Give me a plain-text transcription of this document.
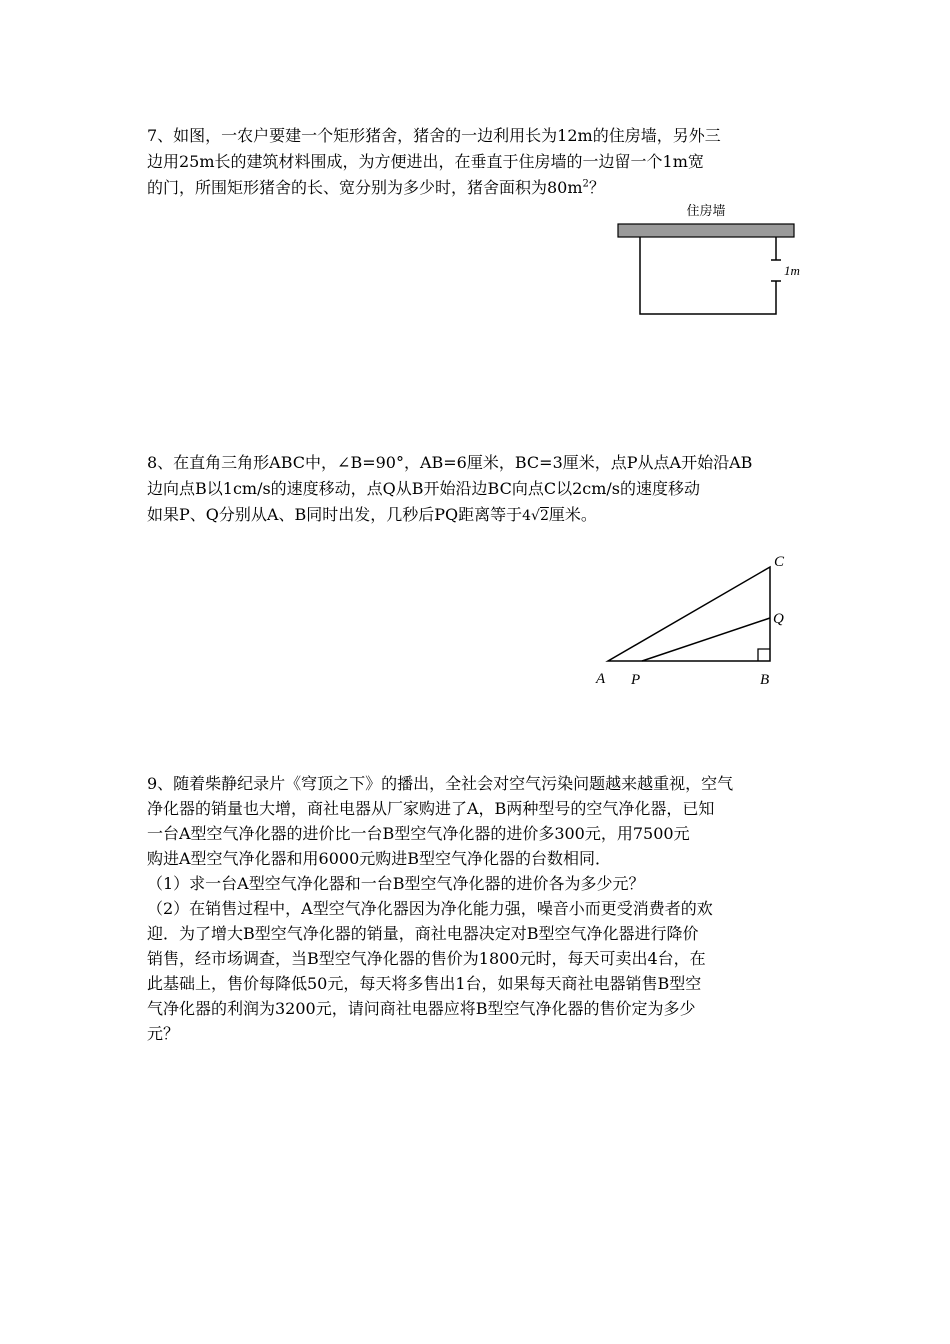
7、如图，一农户要建一个矩形猪舍，猪舍的一边利用长为12m的住房墙，另外三
边用25m长的建筑材料围成，为方便进出，在垂直于住房墙的一边留一个1m宽
的门，所围矩形猪舍的长、宽分别为多少时，猪舍面积为$80m^2$？
住房墙
1m
8、在直角三角形ABC中，∠B=90°，AB=6厘米，BC=3厘米，点P从点A开始沿AB
边向点B以1cm/s的速度移动，点Q从B开始沿边BC向点C以2cm/s的速度移动
如果P、Q分别从A、B同时出发，几秒后PQ距离等于4√2厘米。
A P	B
Q
C
9、随着柴静纪录片《穹顶之下》的播出，全社会对空气污染问题越来越重视，空气
净化器的销量也大增，商社电器从厂家购进了A，B两种型号的空气净化器，已知
一台A型空气净化器的进价比一台B型空气净化器的进价多300元，用7500元
购进A型空气净化器和用6000元购进B型空气净化器的台数相同．
（1）求一台A型空气净化器和一台B型空气净化器的进价各为多少元？
（2）在销售过程中，A型空气净化器因为净化能力强，噪音小而更受消费者的欢
迎．为了增大B型空气净化器的销量，商社电器决定对B型空气净化器进行降价
销售，经市场调查，当B型空气净化器的售价为1800元时，每天可卖出4台，在
此基础上，售价每降低50元，每天将多售出1台，如果每天商社电器销售B型空
气净化器的利润为3200元，请问商社电器应将B型空气净化器的售价定为多少
元？
